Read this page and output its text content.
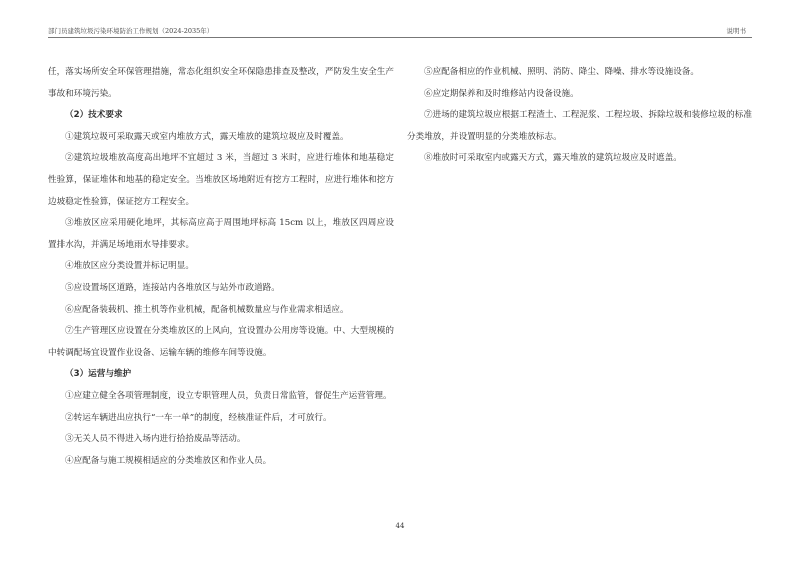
部门员建筑垃圾污染环境防治工作规划（2024-2035年）	说明书

任，落实场所安全环保管理措施，常态化组织安全环保隐患排查及整改，严防发生安全生产事故和环境污染。

（2）技术要求

①建筑垃圾可采取露天或室内堆放方式，露天堆放的建筑垃圾应及时覆盖。

②建筑垃圾堆放高度高出地坪不宜超过 3 米，当超过 3 米时，应进行堆体和地基稳定性验算，保证堆体和地基的稳定安全。当堆放区场地附近有挖方工程时，应进行堆体和挖方边坡稳定性验算，保证挖方工程安全。

③堆放区应采用硬化地坪，其标高应高于周围地坪标高 15cm 以上，堆放区四周应设置排水沟，并满足场地雨水导排要求。

④堆放区应分类设置并标记明显。

⑤应设置场区道路，连接站内各堆放区与站外市政道路。

⑥应配备装载机、推土机等作业机械，配备机械数量应与作业需求相适应。

⑦生产管理区应设置在分类堆放区的上风向，宜设置办公用房等设施。中、大型规模的中转调配场宜设置作业设备、运输车辆的维修车间等设施。

（3）运营与维护

①应建立健全各项管理制度，设立专职管理人员，负责日常监管，督促生产运营管理。

②转运车辆进出应执行“一车一单”的制度，经核准证件后，才可放行。

③无关人员不得进入场内进行拾拾废品等活动。

④应配备与施工规模相适应的分类堆放区和作业人员。

⑤应配备相应的作业机械、照明、消防、降尘、降噪、排水等设施设备。

⑥应定期保养和及时维修站内设备设施。

⑦进场的建筑垃圾应根据工程渣土、工程泥浆、工程垃圾、拆除垃圾和装修垃圾的标准分类堆放，并设置明显的分类堆放标志。

⑧堆放时可采取室内或露天方式，露天堆放的建筑垃圾应及时遮盖。

44
